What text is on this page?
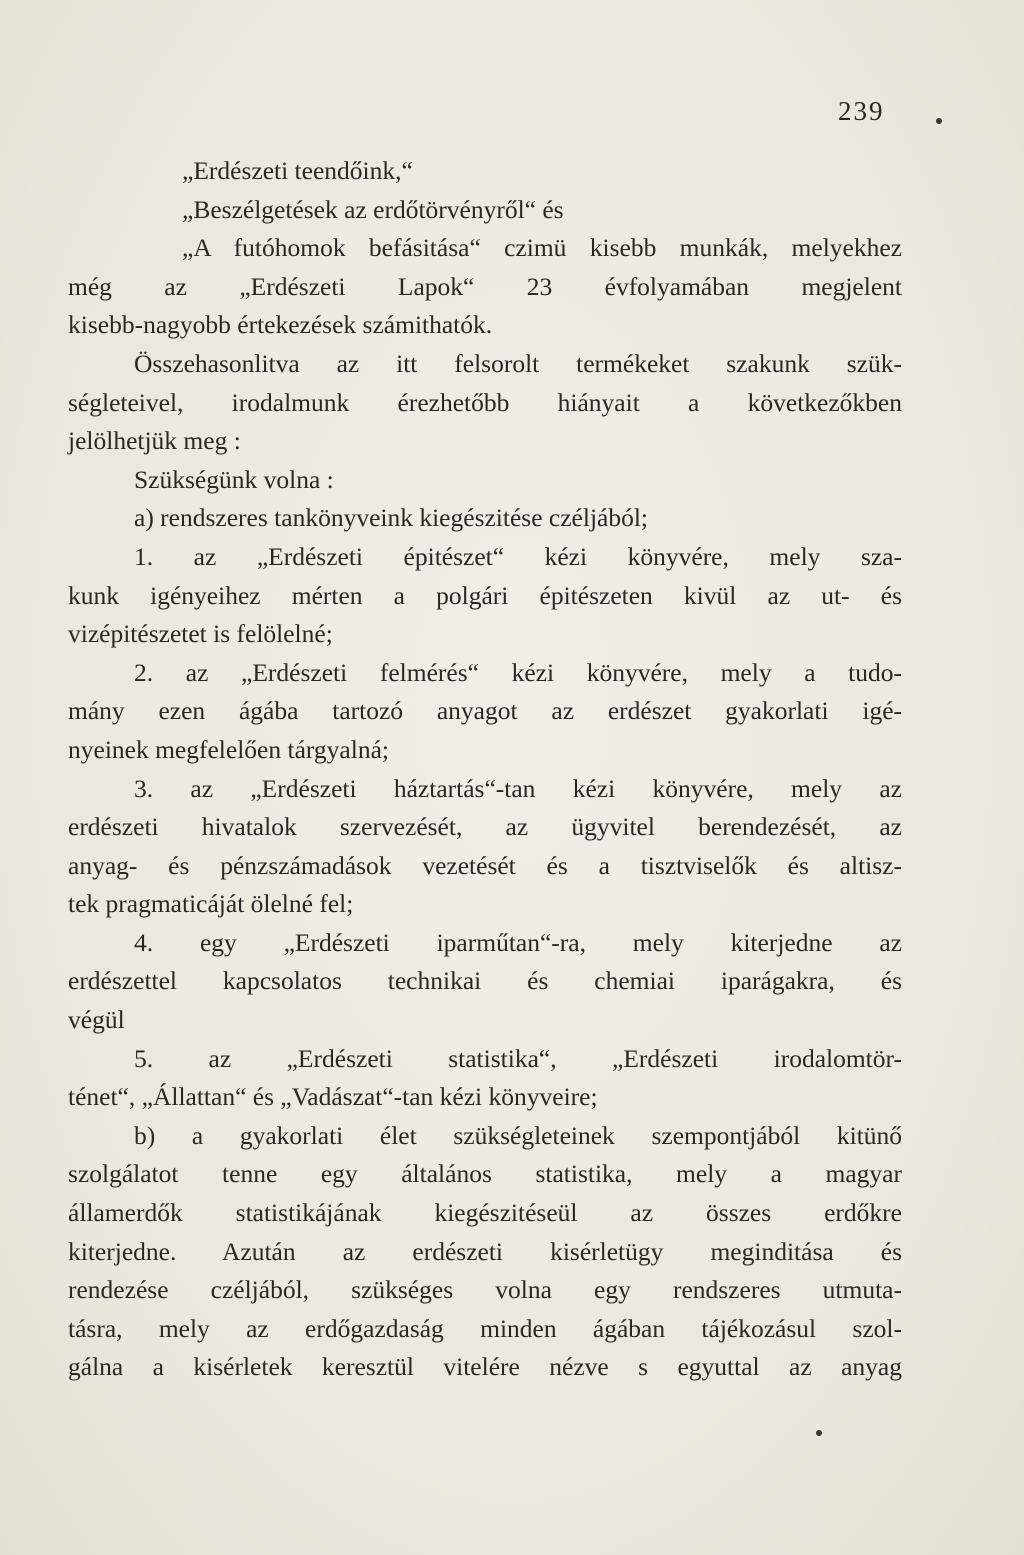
239
„Erdészeti teendőink,“
„Beszélgetések az erdőtörvényről“ és
„A futóhomok befásitása“ czimü kisebb munkák, melyekhez
még az „Erdészeti Lapok“ 23 évfolyamában megjelent
kisebb-nagyobb értekezések számithatók.
Összehasonlitva az itt felsorolt termékeket szakunk szük-
ségleteivel, irodalmunk érezhetőbb hiányait a következőkben
jelölhetjük meg :
Szükségünk volna :
a) rendszeres tankönyveink kiegészitése czéljából;
1. az „Erdészeti épitészet“ kézi könyvére, mely sza-
kunk igényeihez mérten a polgári épitészeten kivül az ut- és
vizépitészetet is felölelné;
2. az „Erdészeti felmérés“ kézi könyvére, mely a tudo-
mány ezen ágába tartozó anyagot az erdészet gyakorlati igé-
nyeinek megfelelően tárgyalná;
3. az „Erdészeti háztartás“-tan kézi könyvére, mely az
erdészeti hivatalok szervezését, az ügyvitel berendezését, az
anyag- és pénzszámadások vezetését és a tisztviselők és altisz-
tek pragmaticáját ölelné fel;
4. egy „Erdészeti iparműtan“-ra, mely kiterjedne az
erdészettel kapcsolatos technikai és chemiai iparágakra, és
végül
5. az „Erdészeti statistika“, „Erdészeti irodalomtör-
ténet“, „Állattan“ és „Vadászat“-tan kézi könyveire;
b) a gyakorlati élet szükségleteinek szempontjából kitünő
szolgálatot tenne egy általános statistika, mely a magyar
államerdők statistikájának kiegészitéseül az összes erdőkre
kiterjedne. Azután az erdészeti kisérletügy meginditása és
rendezése czéljából, szükséges volna egy rendszeres utmuta-
tásra, mely az erdőgazdaság minden ágában tájékozásul szol-
gálna a kisérletek keresztül vitelére nézve s egyuttal az anyag
